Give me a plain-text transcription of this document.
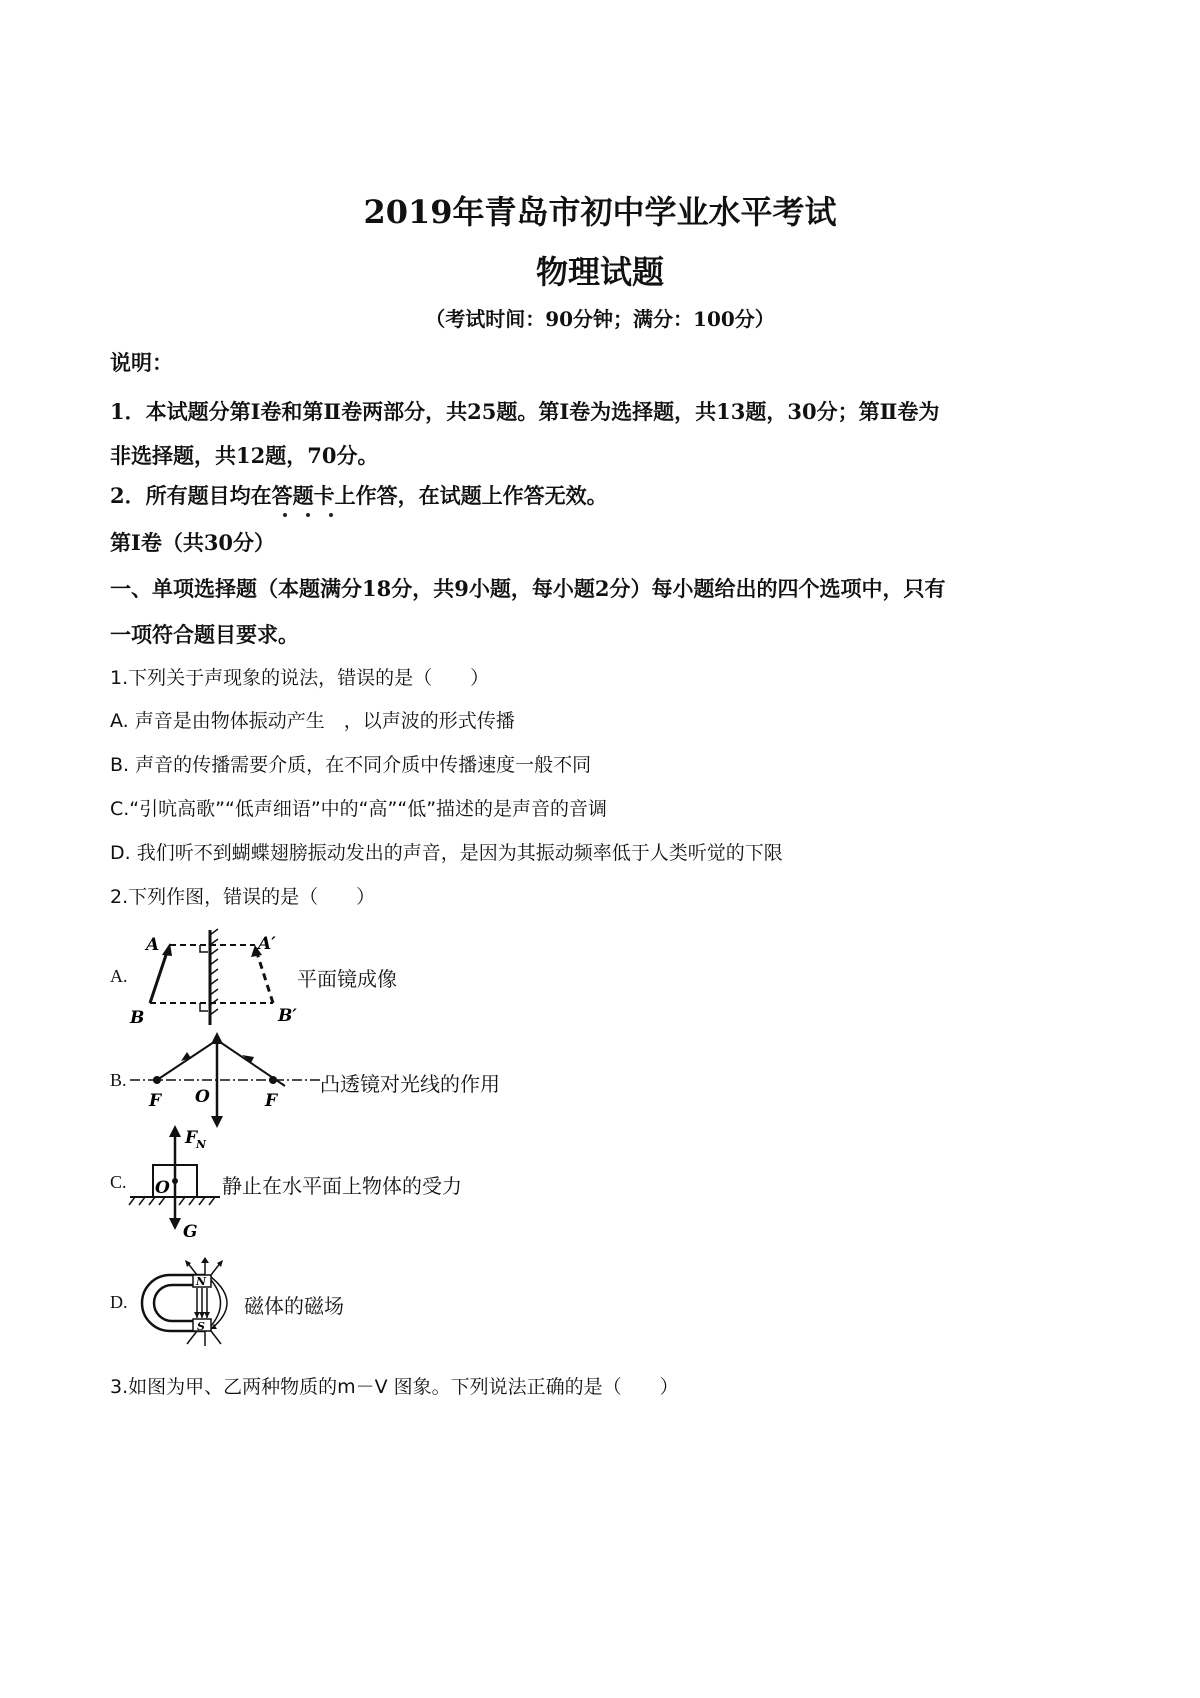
2019年青岛市初中学业水平考试
物理试题
（考试时间：90分钟；满分：100分）
说明：
1．本试题分第Ⅰ卷和第Ⅱ卷两部分，共25题。第Ⅰ卷为选择题，共13题，30分；第Ⅱ卷为
非选择题，共12题，70分。
2．所有题目均在答题卡上作答，在试题上作答无效。
第Ⅰ卷（共30分）
一、单项选择题（本题满分18分，共9小题，每小题2分）每小题给出的四个选项中，只有
一项符合题目要求。
1.下列关于声现象的说法，错误的是（　　）
A. 声音是由物体振动产生　，以声波的形式传播
B. 声音的传播需要介质，在不同介质中传播速度一般不同
C.“引吭高歌”“低声细语”中的“高”“低”描述的是声音的音调
D. 我们听不到蝴蝶翅膀振动发出的声音，是因为其振动频率低于人类听觉的下限
2.下列作图，错误的是（　　）
A.
A	A′
B	B′
平面镜成像
B.
F O	F
凸透镜对光线的作用
C.
F
N
O
G
静止在水平面上物体的受力
D.
N
S
磁体的磁场
3.如图为甲、乙两种物质的m－V 图象。下列说法正确的是（　　）
